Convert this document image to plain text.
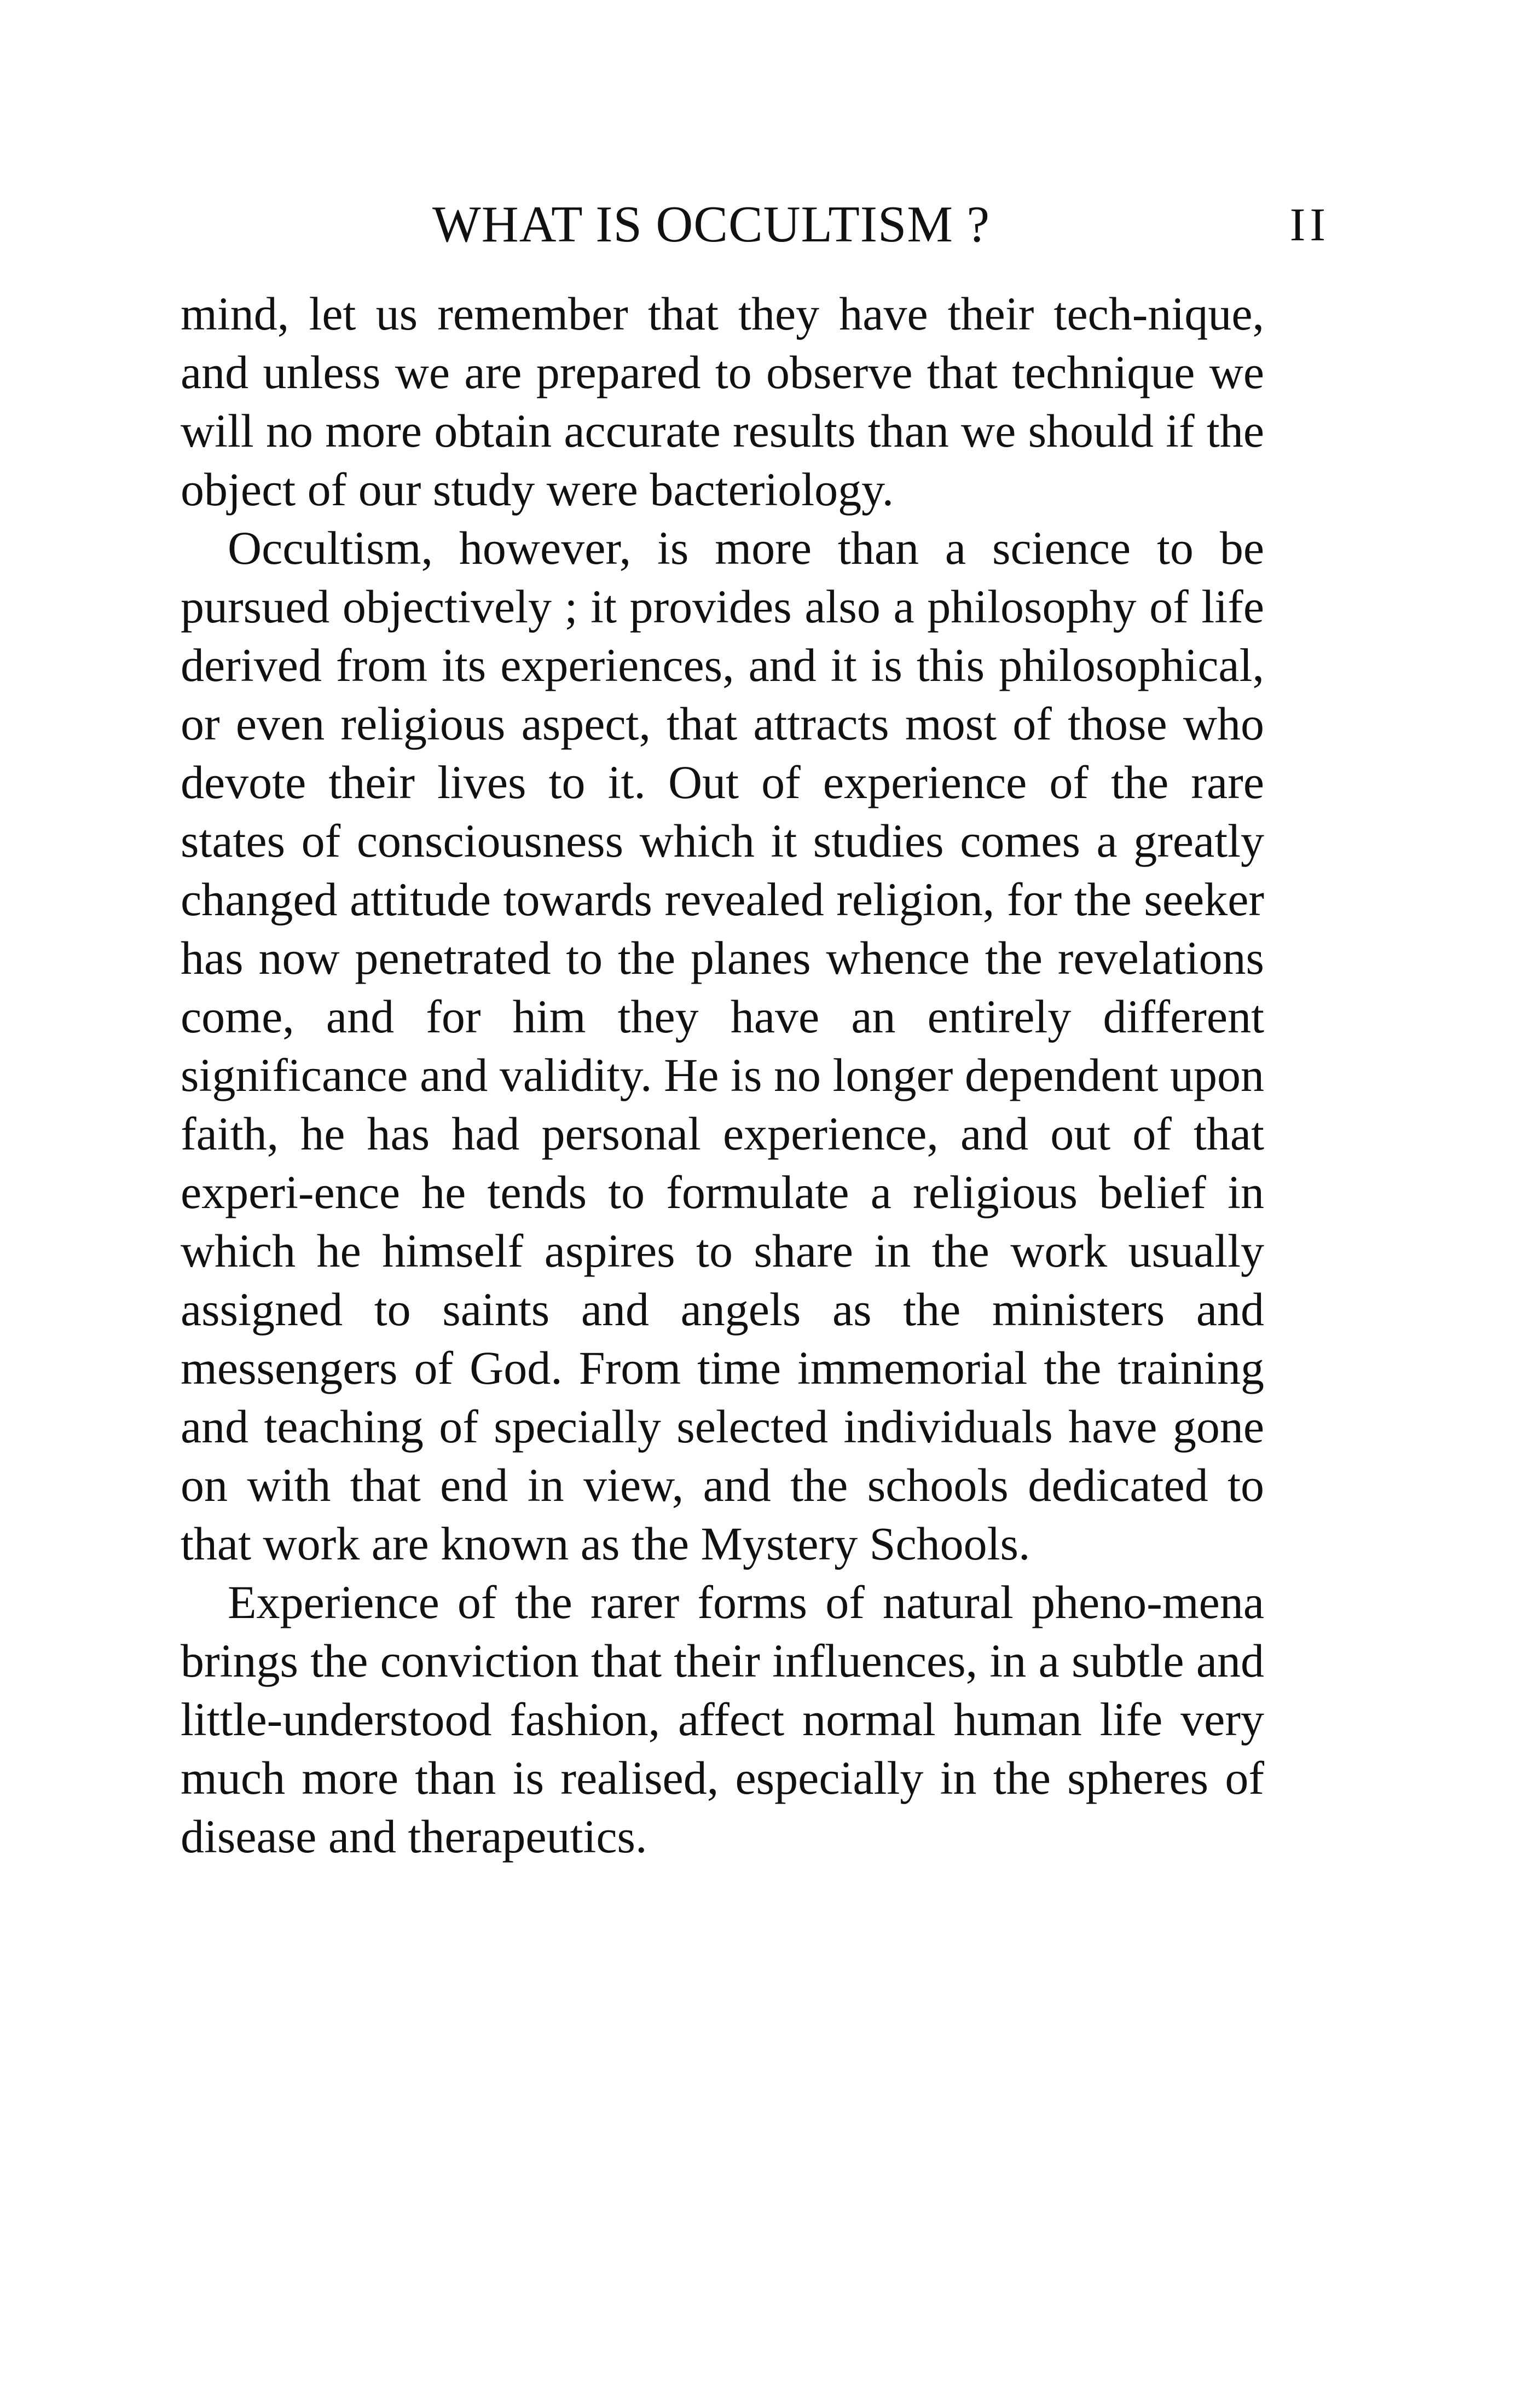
WHAT IS OCCULTISM ?	II

mind, let us remember that they have their tech-nique, and unless we are prepared to observe that technique we will no more obtain accurate results than we should if the object of our study were bacteriology.

Occultism, however, is more than a science to be pursued objectively ; it provides also a philosophy of life derived from its experiences, and it is this philosophical, or even religious aspect, that attracts most of those who devote their lives to it. Out of experience of the rare states of consciousness which it studies comes a greatly changed attitude towards revealed religion, for the seeker has now penetrated to the planes whence the revelations come, and for him they have an entirely different significance and validity. He is no longer dependent upon faith, he has had personal experience, and out of that experi-ence he tends to formulate a religious belief in which he himself aspires to share in the work usually assigned to saints and angels as the ministers and messengers of God. From time immemorial the training and teaching of specially selected individuals have gone on with that end in view, and the schools dedicated to that work are known as the Mystery Schools.

Experience of the rarer forms of natural pheno-mena brings the conviction that their influences, in a subtle and little-understood fashion, affect normal human life very much more than is realised, especially in the spheres of disease and therapeutics.
